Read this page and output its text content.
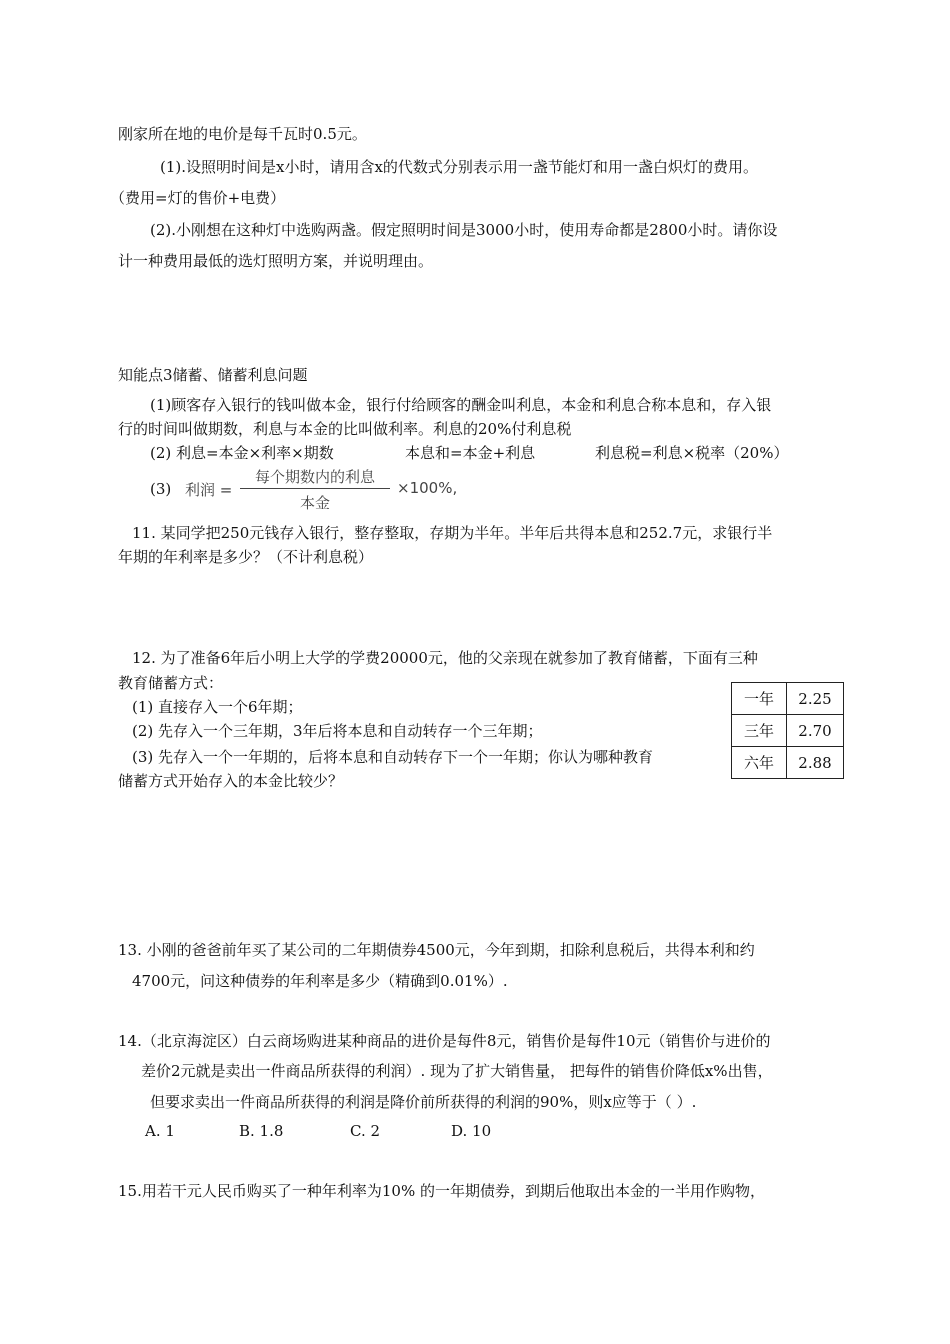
刚家所在地的电价是每千瓦时0.5元。
(1).设照明时间是x小时，请用含x的代数式分别表示用一盏节能灯和用一盏白炽灯的费用。
（费用=灯的售价+电费）
(2).小刚想在这种灯中选购两盏。假定照明时间是3000小时，使用寿命都是2800小时。请你设
计一种费用最低的选灯照明方案，并说明理由。
知能点3储蓄、储蓄利息问题
(1)顾客存入银行的钱叫做本金，银行付给顾客的酬金叫利息，本金和利息合称本息和，存入银
行的时间叫做期数，利息与本金的比叫做利率。利息的20%付利息税
(2) 利息=本金×利率×期数	本息和=本金+利息	利息税=利息×税率（20%）
(3) 利润 =
每个期数内的利息
本金
×100%,
11. 某同学把250元钱存入银行，整存整取，存期为半年。半年后共得本息和252.7元，求银行半
年期的年利率是多少？（不计利息税）
12. 为了准备6年后小明上大学的学费20000元，他的父亲现在就参加了教育储蓄，下面有三种
教育储蓄方式：
(1) 直接存入一个6年期；
(2) 先存入一个三年期，3年后将本息和自动转存一个三年期；
(3) 先存入一个一年期的，后将本息和自动转存下一个一年期；你认为哪种教育
储蓄方式开始存入的本金比较少？
一年	2.25
三年	2.70
六年	2.88
13. 小刚的爸爸前年买了某公司的二年期债券4500元，今年到期，扣除利息税后，共得本利和约
4700元，问这种债券的年利率是多少（精确到0.01%）.
14.（北京海淀区）白云商场购进某种商品的进价是每件8元，销售价是每件10元（销售价与进价的
差价2元就是卖出一件商品所获得的利润）. 现为了扩大销售量， 把每件的销售价降低x%出售，
但要求卖出一件商品所获得的利润是降价前所获得的利润的90%，则x应等于（ ）.
A. 1	B. 1.8	C. 2	D. 10
15.用若干元人民币购买了一种年利率为10% 的一年期债券，到期后他取出本金的一半用作购物，
